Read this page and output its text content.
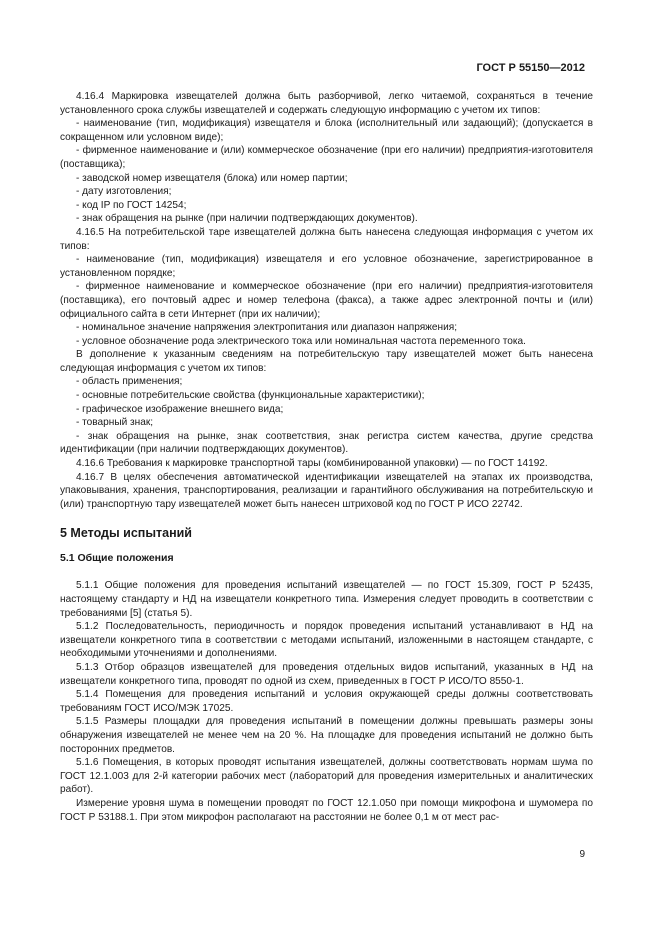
ГОСТ Р 55150—2012

4.16.4 Маркировка извещателей должна быть разборчивой, легко читаемой, сохраняться в течение установленного срока службы извещателей и содержать следующую информацию с учетом их типов:

- наименование (тип, модификация) извещателя и блока (исполнительный или задающий); (допускается в сокращенном или условном виде);

- фирменное наименование и (или) коммерческое обозначение (при его наличии) предприятия-изготовителя (поставщика);

- заводской номер извещателя (блока) или номер партии;

- дату изготовления;

- код IP по ГОСТ 14254;

- знак обращения на рынке (при наличии подтверждающих документов).

4.16.5 На потребительской таре извещателей должна быть нанесена следующая информация с учетом их типов:

- наименование (тип, модификация) извещателя и его условное обозначение, зарегистрированное в установленном порядке;

- фирменное наименование и коммерческое обозначение (при его наличии) предприятия-изготовителя (поставщика), его почтовый адрес и номер телефона (факса), а также адрес электронной почты и (или) официального сайта в сети Интернет (при их наличии);

- номинальное значение напряжения электропитания или диапазон напряжения;

- условное обозначение рода электрического тока или номинальная частота переменного тока.

В дополнение к указанным сведениям на потребительскую тару извещателей может быть нанесена следующая информация с учетом их типов:

- область применения;

- основные потребительские свойства (функциональные характеристики);

- графическое изображение внешнего вида;

- товарный знак;

- знак обращения на рынке, знак соответствия, знак регистра систем качества, другие средства идентификации (при наличии подтверждающих документов).

4.16.6 Требования к маркировке транспортной тары (комбинированной упаковки) — по ГОСТ 14192.

4.16.7 В целях обеспечения автоматической идентификации извещателей на этапах их производства, упаковывания, хранения, транспортирования, реализации и гарантийного обслуживания на потребительскую и (или) транспортную тару извещателей может быть нанесен штриховой код по ГОСТ Р ИСО 22742.

5 Методы испытаний
5.1 Общие положения

5.1.1 Общие положения для проведения испытаний извещателей — по ГОСТ 15.309, ГОСТ Р 52435, настоящему стандарту и НД на извещатели конкретного типа. Измерения следует проводить в соответствии с требованиями [5] (статья 5).

5.1.2 Последовательность, периодичность и порядок проведения испытаний устанавливают в НД на извещатели конкретного типа в соответствии с методами испытаний, изложенными в настоящем стандарте, с необходимыми уточнениями и дополнениями.

5.1.3 Отбор образцов извещателей для проведения отдельных видов испытаний, указанных в НД на извещатели конкретного типа, проводят по одной из схем, приведенных в ГОСТ Р ИСО/ТО 8550-1.

5.1.4 Помещения для проведения испытаний и условия окружающей среды должны соответствовать требованиям ГОСТ ИСО/МЭК 17025.

5.1.5 Размеры площадки для проведения испытаний в помещении должны превышать размеры зоны обнаружения извещателей не менее чем на 20 %. На площадке для проведения испытаний не должно быть посторонних предметов.

5.1.6 Помещения, в которых проводят испытания извещателей, должны соответствовать нормам шума по ГОСТ 12.1.003 для 2-й категории рабочих мест (лабораторий для проведения измерительных и аналитических работ).

Измерение уровня шума в помещении проводят по ГОСТ 12.1.050 при помощи микрофона и шумомера по ГОСТ Р 53188.1. При этом микрофон располагают на расстоянии не более 0,1 м от мест рас-

9
